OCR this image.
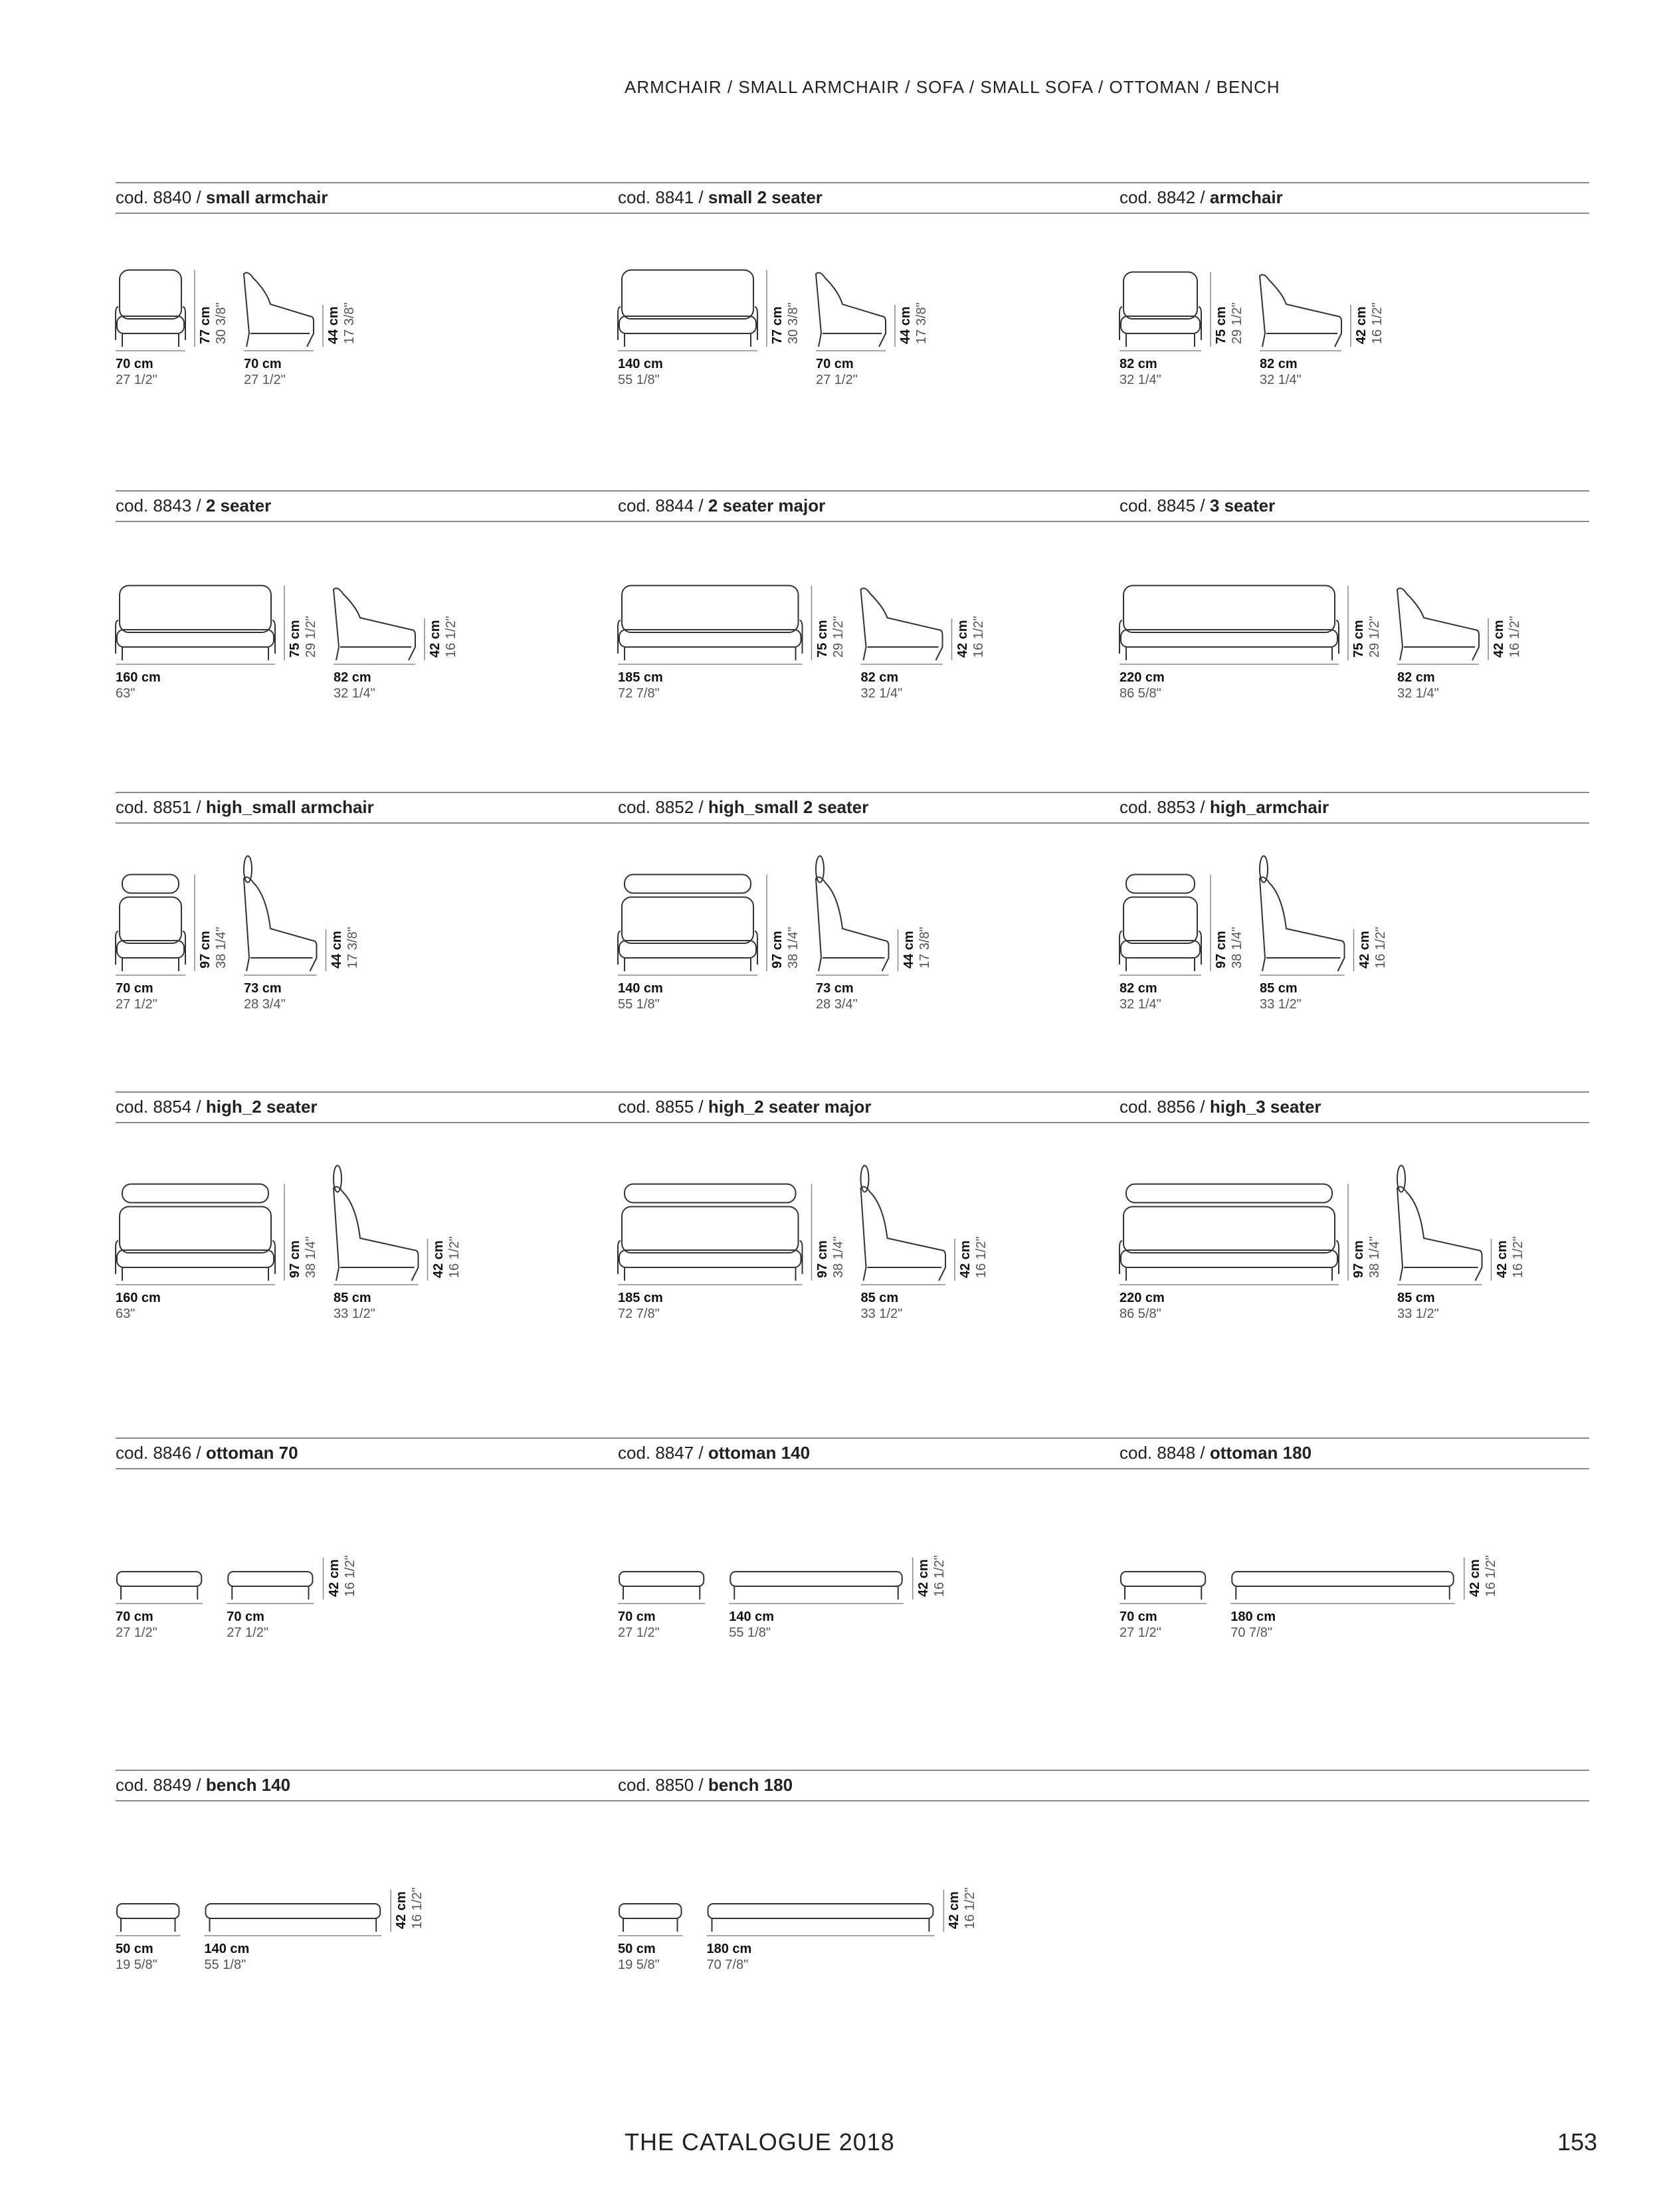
ARMCHAIR / SMALL ARMCHAIR / SOFA / SMALL SOFA / OTTOMAN / BENCH
cod. 8840 / small armchair
70 cm
27 1/2"
77 cm 30 3/8"
70 cm
27 1/2"
44 cm 17 3/8"
cod. 8841 / small 2 seater
140 cm
55 1/8"
77 cm 30 3/8"
70 cm
27 1/2"
44 cm 17 3/8"
cod. 8842 / armchair
82 cm
32 1/4"
75 cm 29 1/2"
82 cm
32 1/4"
42 cm 16 1/2"
cod. 8843 / 2 seater
160 cm
63"
75 cm 29 1/2"
82 cm
32 1/4"
42 cm 16 1/2"
cod. 8844 / 2 seater major
185 cm
72 7/8"
75 cm 29 1/2"
82 cm
32 1/4"
42 cm 16 1/2"
cod. 8845 / 3 seater
220 cm
86 5/8"
75 cm 29 1/2"
82 cm
32 1/4"
42 cm 16 1/2"
cod. 8851 / high_small armchair
70 cm
27 1/2"
97 cm 38 1/4"
73 cm
28 3/4"
44 cm 17 3/8"
cod. 8852 / high_small 2 seater
140 cm
55 1/8"
97 cm 38 1/4"
73 cm
28 3/4"
44 cm 17 3/8"
cod. 8853 / high_armchair
82 cm
32 1/4"
97 cm 38 1/4"
85 cm
33 1/2"
42 cm 16 1/2"
cod. 8854 / high_2 seater
160 cm
63"
97 cm 38 1/4"
85 cm
33 1/2"
42 cm 16 1/2"
cod. 8855 / high_2 seater major
185 cm
72 7/8"
97 cm 38 1/4"
85 cm
33 1/2"
42 cm 16 1/2"
cod. 8856 / high_3 seater
220 cm
86 5/8"
97 cm 38 1/4"
85 cm
33 1/2"
42 cm 16 1/2"
cod. 8846 / ottoman 70
70 cm
27 1/2"
70 cm
27 1/2"
42 cm 16 1/2"
cod. 8847 / ottoman 140
70 cm
27 1/2"
140 cm
55 1/8"
42 cm 16 1/2"
cod. 8848 / ottoman 180
70 cm
27 1/2"
180 cm
70 7/8"
42 cm 16 1/2"
cod. 8849 / bench 140
50 cm
19 5/8"
140 cm
55 1/8"
42 cm 16 1/2"
cod. 8850 / bench 180
50 cm
19 5/8"
180 cm
70 7/8"
42 cm 16 1/2"
THE CATALOGUE 2018	153
